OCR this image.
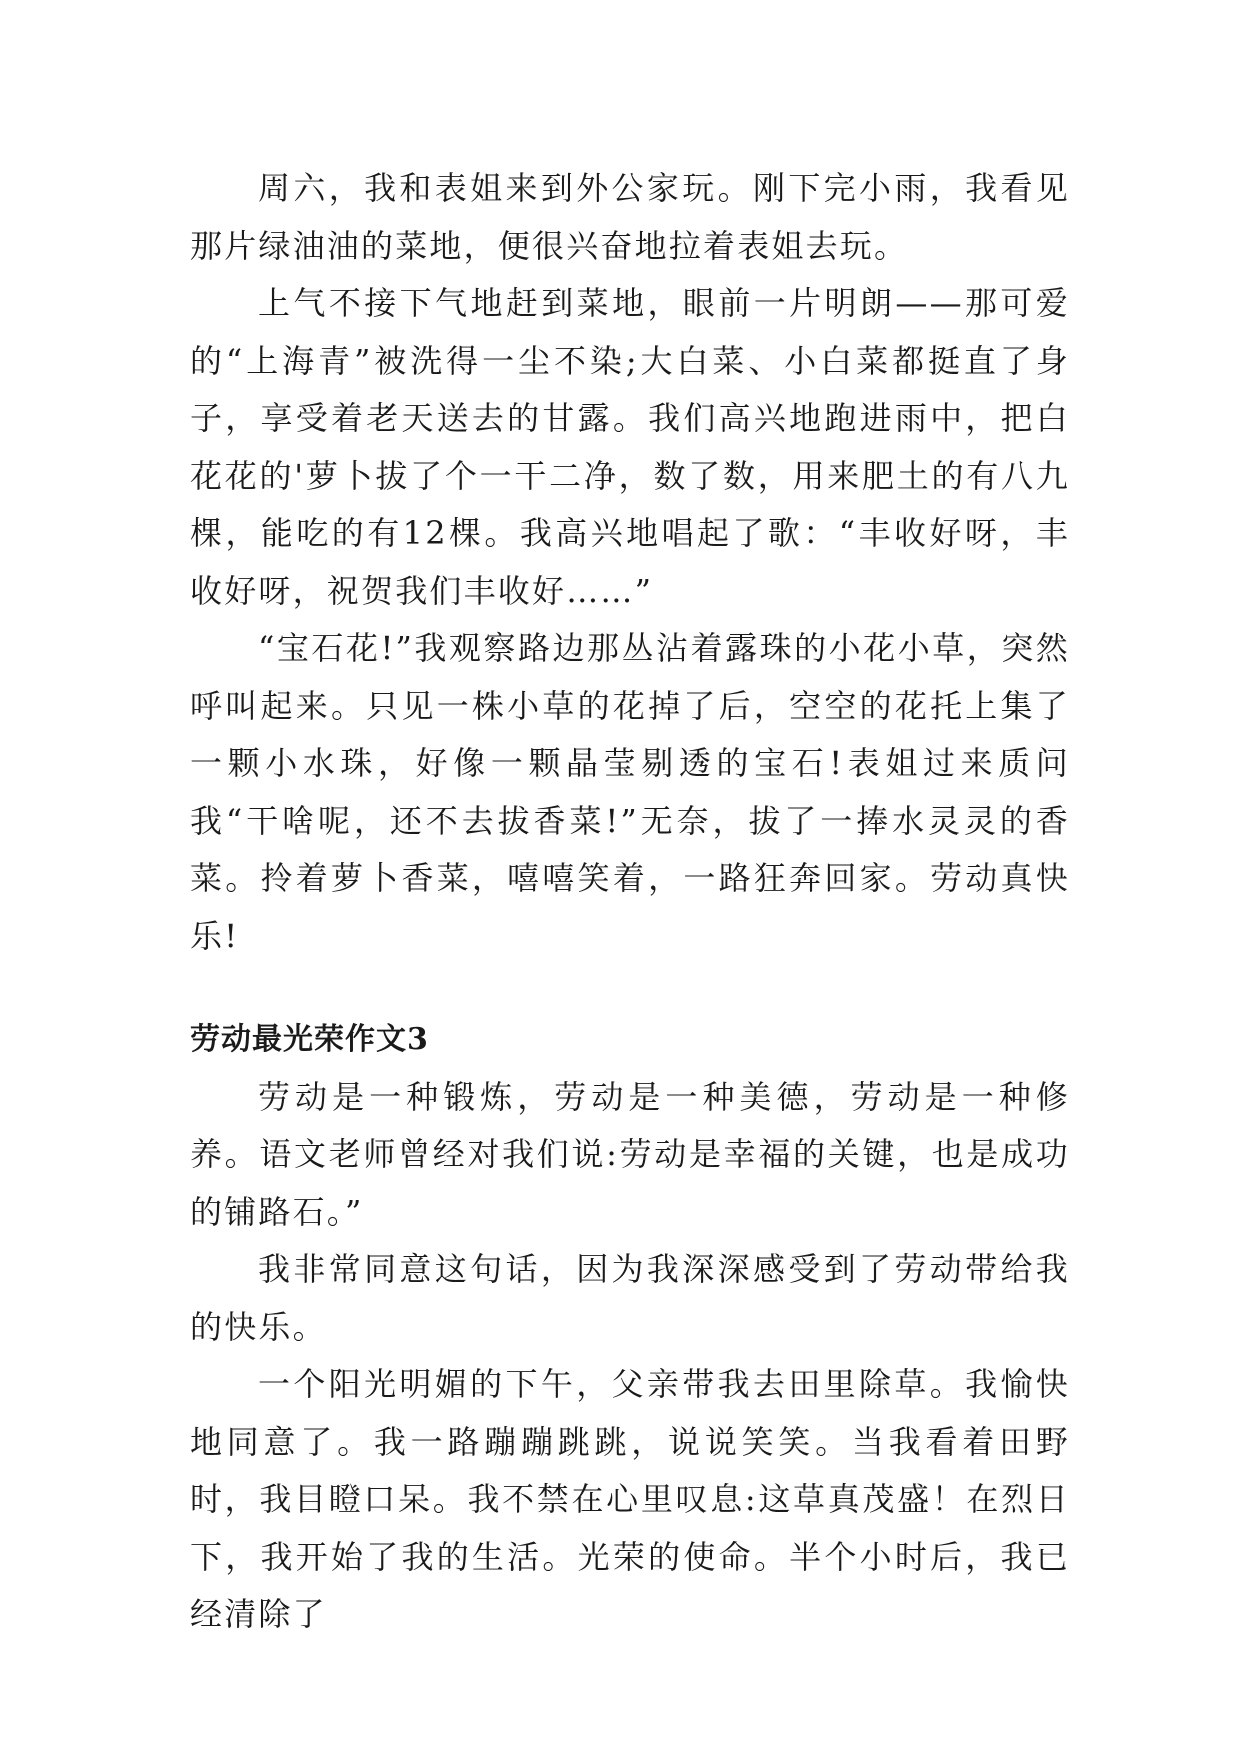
周六，我和表姐来到外公家玩。刚下完小雨，我看见那片绿油油的菜地，便很兴奋地拉着表姐去玩。

上气不接下气地赶到菜地，眼前一片明朗——那可爱的“上海青”被洗得一尘不染;大白菜、小白菜都挺直了身子，享受着老天送去的甘露。我们高兴地跑进雨中，把白花花的'萝卜拔了个一干二净，数了数，用来肥土的有八九棵，能吃的有12棵。我高兴地唱起了歌：“丰收好呀，丰收好呀，祝贺我们丰收好……”

“宝石花!”我观察路边那丛沾着露珠的小花小草，突然呼叫起来。只见一株小草的花掉了后，空空的花托上集了一颗小水珠，好像一颗晶莹剔透的宝石!表姐过来质问我“干啥呢，还不去拔香菜!”无奈，拔了一捧水灵灵的香菜。拎着萝卜香菜，嘻嘻笑着，一路狂奔回家。劳动真快乐!

劳动最光荣作文3

劳动是一种锻炼，劳动是一种美德，劳动是一种修养。语文老师曾经对我们说:劳动是幸福的关键，也是成功的铺路石。”

我非常同意这句话，因为我深深感受到了劳动带给我的快乐。

一个阳光明媚的下午，父亲带我去田里除草。我愉快地同意了。我一路蹦蹦跳跳，说说笑笑。当我看着田野时，我目瞪口呆。我不禁在心里叹息:这草真茂盛！在烈日下，我开始了我的生活。光荣的使命。半个小时后，我已经清除了
